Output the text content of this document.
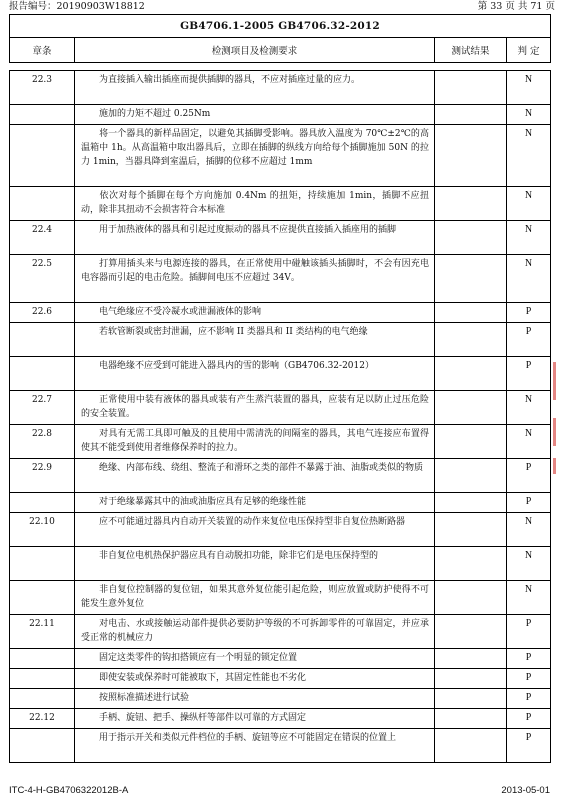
报告编号：20190903W18812	第 33 页 共 71 页
GB4706.1-2005 GB4706.32-2012
章条	检测项目及检测要求	测试结果	判 定
22.3	为直接插入输出插座而提供插脚的器具，不应对插座过量的应力。		N
	施加的力矩不超过 0.25Nm		N
	将一个器具的新样品固定，以避免其插脚受影响。器具放入温度为 70℃±2℃的高温箱中 1h。从高温箱中取出器具后，立即在插脚的纵线方向给每个插脚施加 50N 的拉力 1min，当器具降到室温后，插脚的位移不应超过 1mm		N
	依次对每个插脚在每个方向施加 0.4Nm 的扭矩，持续施加 1min，插脚不应扭动，除非其扭动不会损害符合本标准		N
22.4	用于加热液体的器具和引起过度振动的器具不应提供直接插入插座用的插脚		N
22.5	打算用插头来与电源连接的器具，在正常使用中碰触该插头插脚时，不会有因充电电容器而引起的电击危险。插脚间电压不应超过 34V。		N
22.6	电气绝缘应不受冷凝水或泄漏液体的影响		P
	若软管断裂或密封泄漏，应不影响 II 类器具和 II 类结构的电气绝缘		P
	电器绝缘不应受到可能进入器具内的雪的影响（GB4706.32-2012）		P
22.7	正常使用中装有液体的器具或装有产生蒸汽装置的器具，应装有足以防止过压危险的安全装置。		N
22.8	对具有无需工具即可触及的且使用中需清洗的间隔室的器具，其电气连接应布置得使其不能受到使用者维修保养时的拉力。		N
22.9	绝缘、内部布线、绕组、整流子和滑环之类的部件不暴露于油、油脂或类似的物质		P
	对于绝缘暴露其中的油或油脂应具有足够的绝缘性能		P
22.10	应不可能通过器具内自动开关装置的动作来复位电压保持型非自复位热断路器		N
	非自复位电机热保护器应具有自动脱扣功能，除非它们是电压保持型的		N
	非自复位控制器的复位钮，如果其意外复位能引起危险，则应放置或防护使得不可能发生意外复位		N
22.11	对电击、水或接触运动部件提供必要防护等级的不可拆卸零件的可靠固定，并应承受正常的机械应力		P
	固定这类零件的钩扣搭锁应有一个明显的锁定位置		P
	即使安装或保养时可能被取下，其固定性能也不劣化		P
	按照标准描述进行试验		P
22.12	手柄、旋钮、把手、操纵杆等部件以可靠的方式固定		P
	用于指示开关和类似元件档位的手柄、旋钮等应不可能固定在错误的位置上		P
ITC-4-H-GB4706322012B-A	2013-05-01
